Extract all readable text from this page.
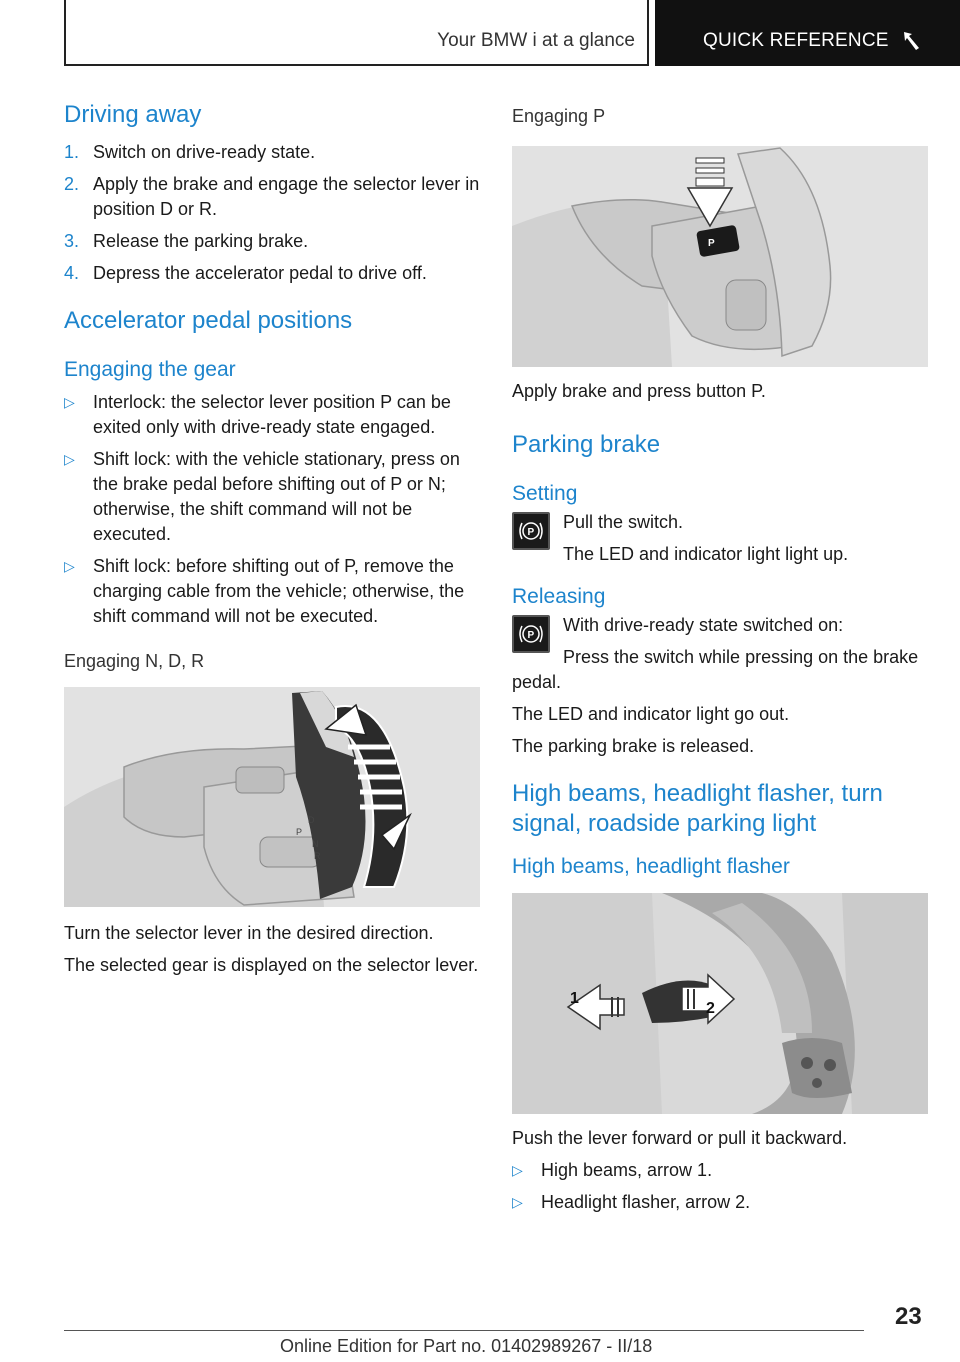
Your BMW i at a glance	QUICK REFERENCE
Driving away
1. Switch on drive-ready state.
2. Apply the brake and engage the selector lever in position D or R.
3. Release the parking brake.
4. Depress the accelerator pedal to drive off.
Accelerator pedal positions
Engaging the gear
▷ Interlock: the selector lever position P can be exited only with drive-ready state engaged.
▷ Shift lock: with the vehicle stationary, press on the brake pedal before shifting out of P or N; otherwise, the shift command will not be executed.
▷ Shift lock: before shifting out of P, remove the charging cable from the vehicle; otherwise, the shift command will not be executed.

Engaging N, D, R

D
P
N
R

Turn the selector lever in the desired direction.

The selected gear is displayed on the selector lever.

Engaging P

P

Apply brake and press button P.

Parking brake
Setting
P

Pull the switch.

The LED and indicator light light up.

Releasing
P

With drive-ready state switched on:

Press the switch while pressing on the brake pedal.

The LED and indicator light go out.

The parking brake is released.

High beams, headlight flasher, turn signal, roadside parking light
High beams, headlight flasher
1
2

Push the lever forward or pull it backward.

▷ High beams, arrow 1.
▷ Headlight flasher, arrow 2.
23
Online Edition for Part no. 01402989267 - II/18
